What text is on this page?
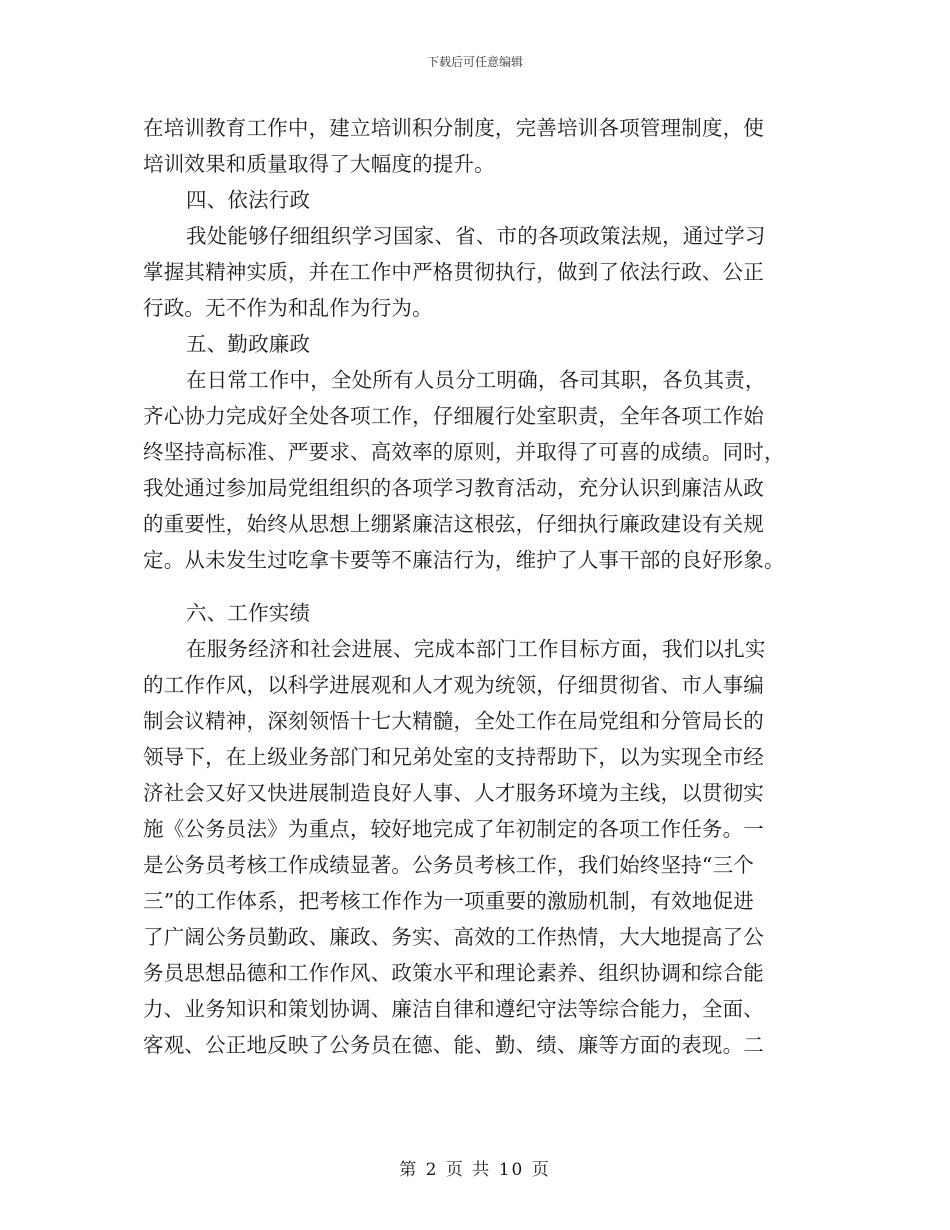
下载后可任意编辑
在培训教育工作中，建立培训积分制度，完善培训各项管理制度，使
培训效果和质量取得了大幅度的提升。
四、依法行政
我处能够仔细组织学习国家、省、市的各项政策法规，通过学习
掌握其精神实质，并在工作中严格贯彻执行，做到了依法行政、公正
行政。无不作为和乱作为行为。
五、勤政廉政
在日常工作中，全处所有人员分工明确，各司其职，各负其责，
齐心协力完成好全处各项工作，仔细履行处室职责，全年各项工作始
终坚持高标准、严要求、高效率的原则，并取得了可喜的成绩。同时，
我处通过参加局党组组织的各项学习教育活动，充分认识到廉洁从政
的重要性，始终从思想上绷紧廉洁这根弦，仔细执行廉政建设有关规
定。从未发生过吃拿卡要等不廉洁行为，维护了人事干部的良好形象。
六、工作实绩
在服务经济和社会进展、完成本部门工作目标方面，我们以扎实
的工作作风，以科学进展观和人才观为统领，仔细贯彻省、市人事编
制会议精神，深刻领悟十七大精髓，全处工作在局党组和分管局长的
领导下，在上级业务部门和兄弟处室的支持帮助下，以为实现全市经
济社会又好又快进展制造良好人事、人才服务环境为主线，以贯彻实
施《公务员法》为重点，较好地完成了年初制定的各项工作任务。一
是公务员考核工作成绩显著。公务员考核工作，我们始终坚持“三个
三”的工作体系，把考核工作作为一项重要的激励机制，有效地促进
了广阔公务员勤政、廉政、务实、高效的工作热情，大大地提高了公
务员思想品德和工作作风、政策水平和理论素养、组织协调和综合能
力、业务知识和策划协调、廉洁自律和遵纪守法等综合能力，全面、
客观、公正地反映了公务员在德、能、勤、绩、廉等方面的表现。二
第 2 页 共 10 页
